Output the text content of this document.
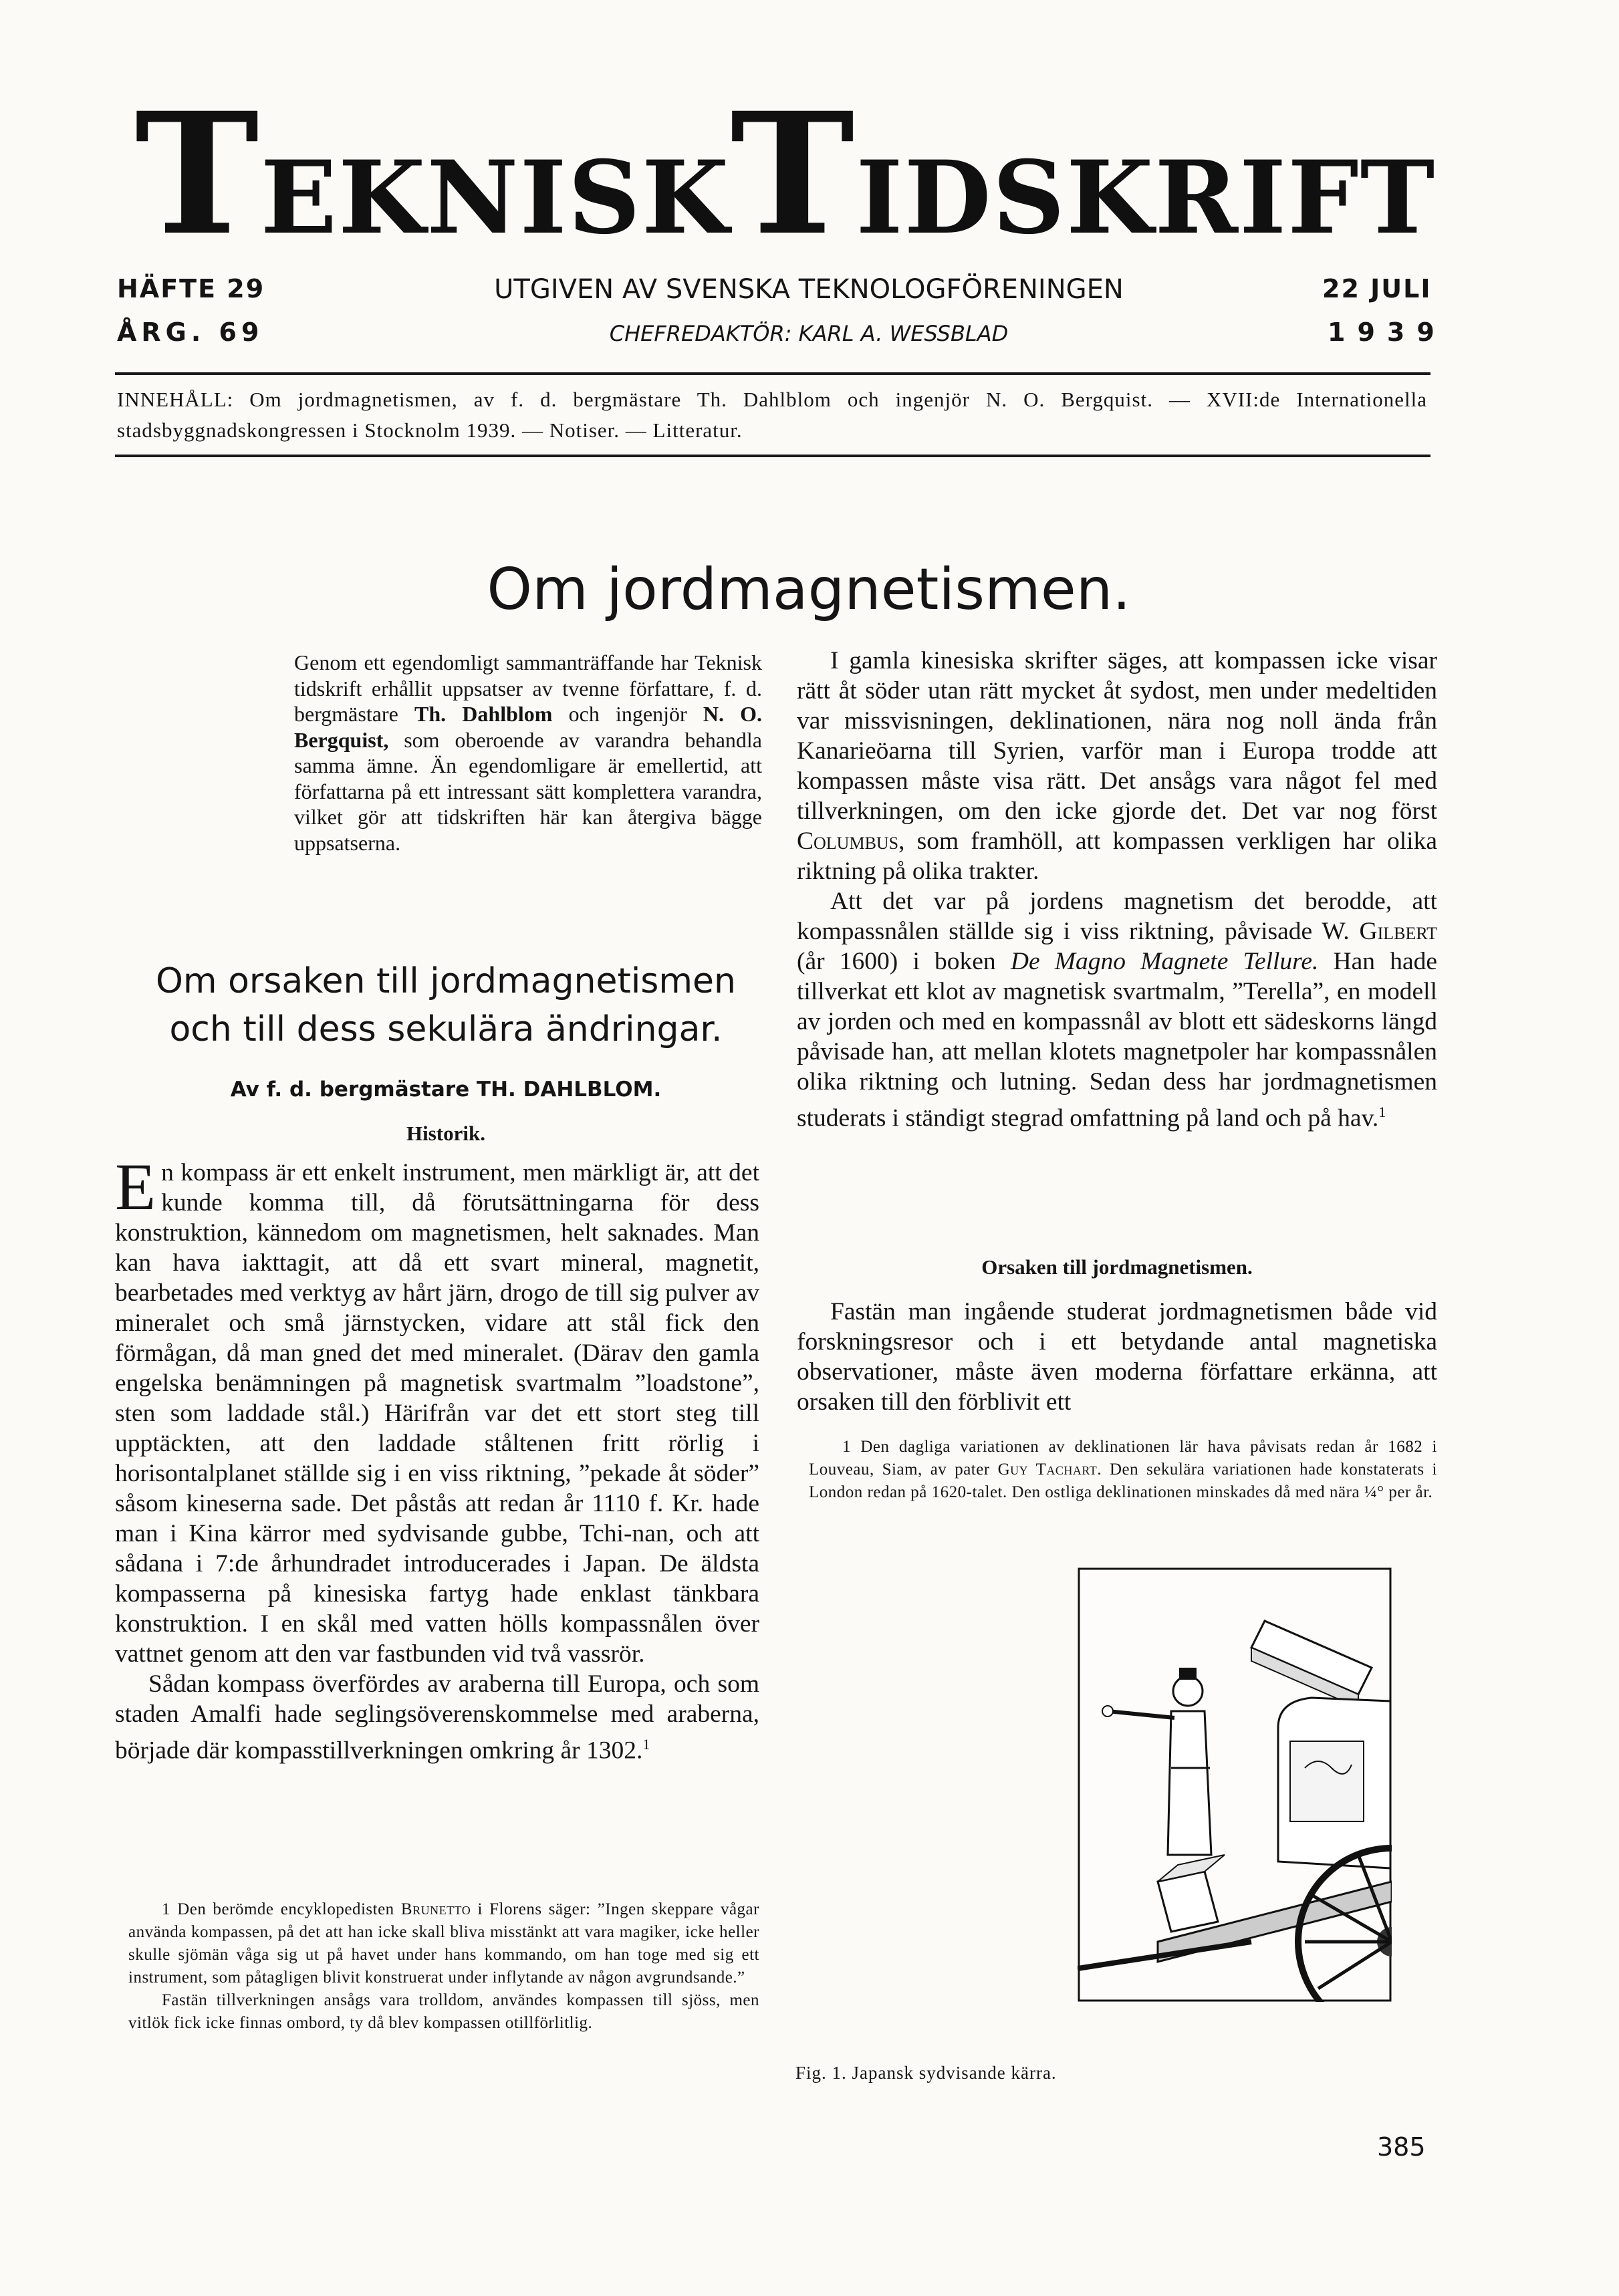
TEKNISKTIDSKRIFT
HÄFTE 29
ÅRG. 69
UTGIVEN AV SVENSKA TEKNOLOGFÖRENINGEN
CHEFREDAKTÖR: KARL A. WESSBLAD
22 JULI
1939
INNEHÅLL: Om jordmagnetismen, av f. d. bergmästare Th. Dahlblom och ingenjör N. O. Bergquist. — XVII:de Internationella stadsbyggnadskongressen i Stocknolm 1939. — Notiser. — Litteratur.
Om jordmagnetismen.

Genom ett egendomligt sammanträffande har Teknisk tidskrift erhållit uppsatser av tvenne författare, f. d. bergmästare Th. Dahlblom och ingenjör N. O. Bergquist, som oberoende av varandra behandla samma ämne. Än egendomligare är emellertid, att författarna på ett intressant sätt komplettera varandra, vilket gör att tidskriften här kan återgiva bägge uppsatserna.

Om orsaken till jordmagnetismen
och till dess sekulära ändringar.
Av f. d. bergmästare TH. DAHLBLOM.
Historik.

En kompass är ett enkelt instrument, men märkligt är, att det kunde komma till, då förutsättningarna för dess konstruktion, kännedom om magnetismen, helt saknades. Man kan hava iakttagit, att då ett svart mineral, magnetit, bearbetades med verktyg av hårt järn, drogo de till sig pulver av mineralet och små järnstycken, vidare att stål fick den förmågan, då man gned det med mineralet. (Därav den gamla engelska benämningen på magnetisk svartmalm ”loadstone”, sten som laddade stål.) Härifrån var det ett stort steg till upptäckten, att den laddade ståltenen fritt rörlig i horisontalplanet ställde sig i en viss riktning, ”pekade åt söder” såsom kineserna sade. Det påstås att redan år 1110 f. Kr. hade man i Kina kärror med sydvisande gubbe, Tchi-nan, och att sådana i 7:de århundradet introducerades i Japan. De äldsta kompasserna på kinesiska fartyg hade enklast tänkbara konstruktion. I en skål med vatten hölls kompassnålen över vattnet genom att den var fastbunden vid två vassrör.

Sådan kompass överfördes av araberna till Europa, och som staden Amalfi hade seglingsöverenskommelse med araberna, började där kompasstillverkningen omkring år 1302.$^1$

1 Den berömde encyklopedisten Brunetto i Florens säger: ”Ingen skeppare vågar använda kompassen, på det att han icke skall bliva misstänkt att vara magiker, icke heller skulle sjömän våga sig ut på havet under hans kommando, om han toge med sig ett instrument, som påtagligen blivit konstruerat under inflytande av någon avgrundsande.”

Fastän tillverkningen ansågs vara trolldom, användes kompassen till sjöss, men vitlök fick icke finnas ombord, ty då blev kompassen otillförlitlig.

I gamla kinesiska skrifter säges, att kompassen icke visar rätt åt söder utan rätt mycket åt sydost, men under medeltiden var missvisningen, deklinationen, nära nog noll ända från Kanarieöarna till Syrien, varför man i Europa trodde att kompassen måste visa rätt. Det ansågs vara något fel med tillverkningen, om den icke gjorde det. Det var nog först Columbus, som framhöll, att kompassen verkligen har olika riktning på olika trakter.

Att det var på jordens magnetism det berodde, att kompassnålen ställde sig i viss riktning, påvisade W. Gilbert (år 1600) i boken De Magno Magnete Tellure. Han hade tillverkat ett klot av magnetisk svartmalm, ”Terella”, en modell av jorden och med en kompassnål av blott ett sädeskorns längd påvisade han, att mellan klotets magnetpoler har kompassnålen olika riktning och lutning. Sedan dess har jordmagnetismen studerats i ständigt stegrad omfattning på land och på hav.$^1$

Orsaken till jordmagnetismen.

Fastän man ingående studerat jordmagnetismen både vid forskningsresor och i ett betydande antal magnetiska observationer, måste även moderna författare erkänna, att orsaken till den förblivit ett

1 Den dagliga variationen av deklinationen lär hava påvisats redan år 1682 i Louveau, Siam, av pater Guy Tachart. Den sekulära variationen hade konstaterats i London redan på 1620-talet. Den ostliga deklinationen minskades då med nära ¼° per år.

Fig. 1. Japansk sydvisande kärra.
385
